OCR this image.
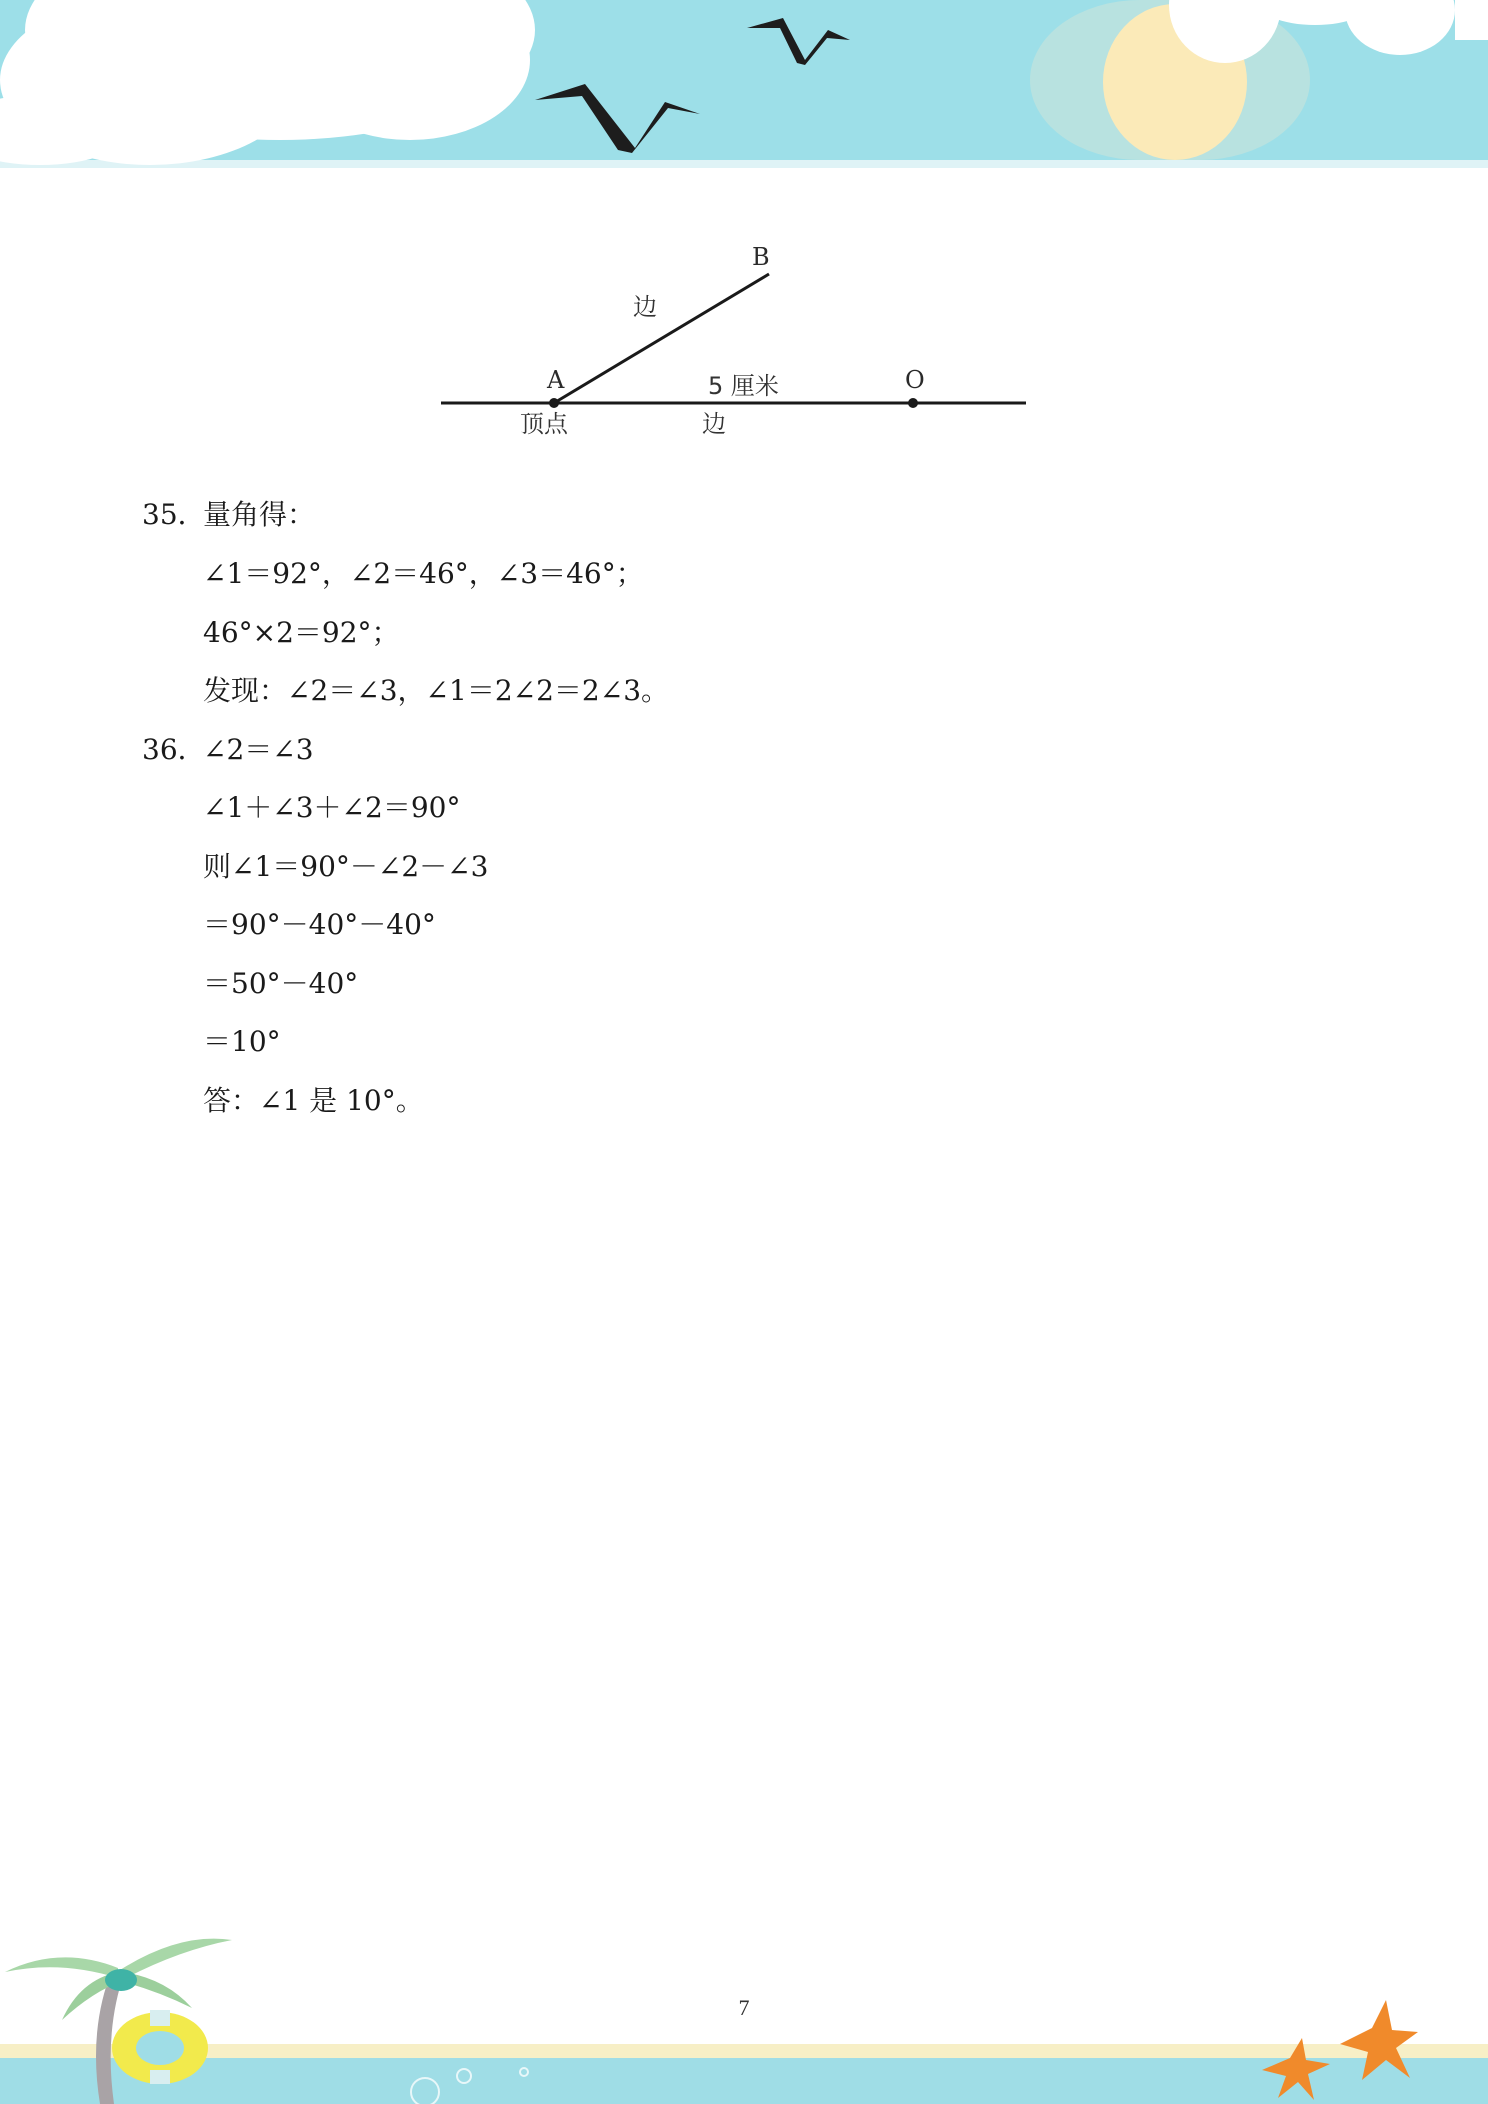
B
A	O
边
边
顶点
5 厘米
35．
量角得：
∠1＝92°，∠2＝46°，∠3＝46°；
46°×2＝92°；
发现：∠2＝∠3，∠1＝2∠2＝2∠3。
36．
∠2＝∠3
∠1＋∠3＋∠2＝90°
则∠1＝90°－∠2－∠3
＝90°－40°－40°
＝50°－40°
＝10°
答：∠1 是 10°。
7
